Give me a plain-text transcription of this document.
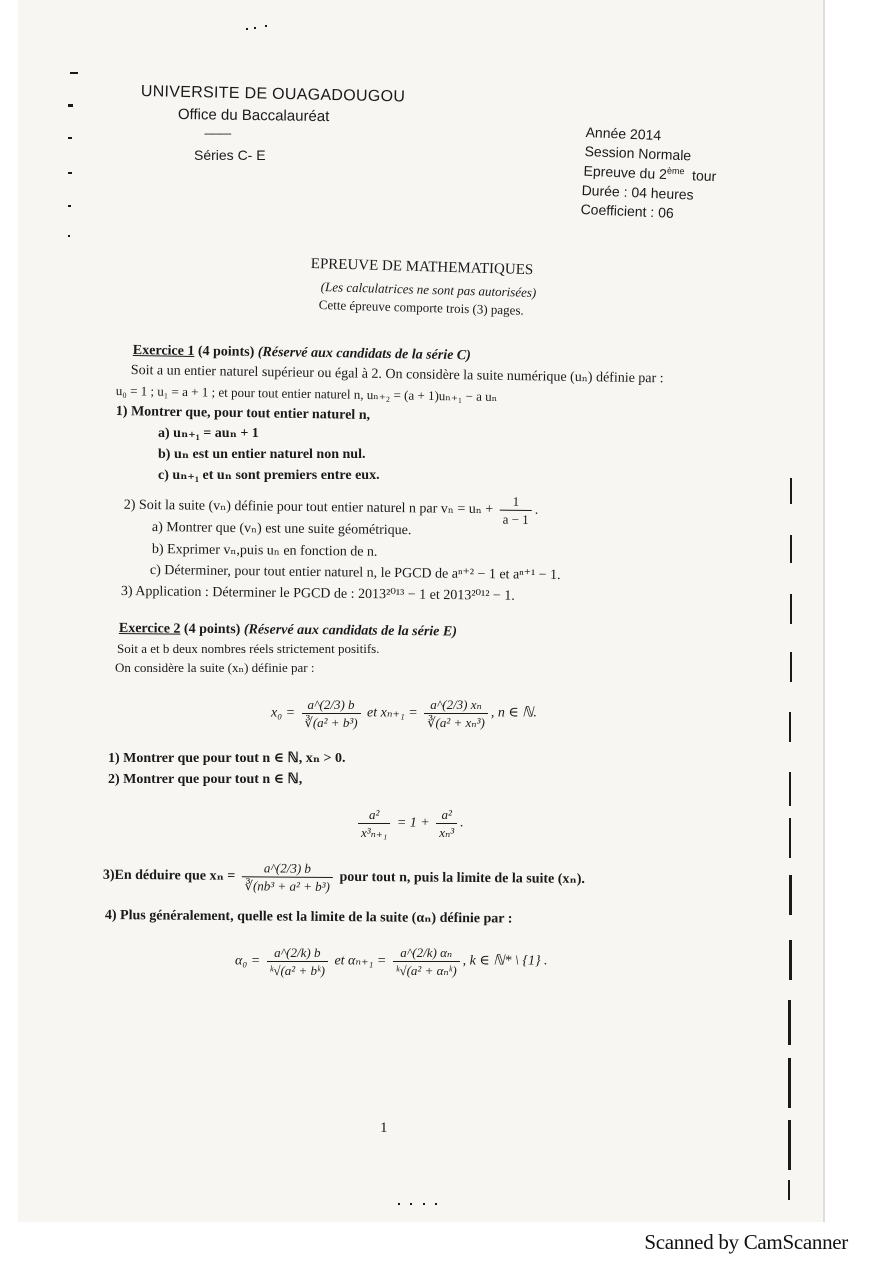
UNIVERSITE DE OUAGADOUGOU
Office du Baccalauréat
----------
Séries C- E
Année 2014
Session Normale
Epreuve du 2ème tour
Durée : 04 heures
Coefficient : 06
EPREUVE DE MATHEMATIQUES
(Les calculatrices ne sont pas autorisées)
Cette épreuve comporte trois (3) pages.
Exercice 1 (4 points) (Réservé aux candidats de la série C)
Soit a un entier naturel supérieur ou égal à 2. On considère la suite numérique (uₙ) définie par :
u₀ = 1 ; u₁ = a + 1 ; et pour tout entier naturel n, uₙ₊₂ = (a + 1)uₙ₊₁ − a uₙ
1) Montrer que, pour tout entier naturel n,
a) uₙ₊₁ = auₙ + 1
b) uₙ est un entier naturel non nul.
c) uₙ₊₁ et uₙ sont premiers entre eux.
2) Soit la suite (vₙ) définie pour tout entier naturel n par $v_n = u_n + \frac{1}{a - 1}$ .
a) Montrer que (vₙ) est une suite géométrique.
b) Exprimer vₙ,puis uₙ en fonction de n.
c) Déterminer, pour tout entier naturel n, le PGCD de aⁿ⁺² − 1 et aⁿ⁺¹ − 1.
3) Application : Déterminer le PGCD de : 2013²⁰¹³ − 1 et 2013²⁰¹² − 1.
Exercice 2 (4 points) (Réservé aux candidats de la série E)
Soit a et b deux nombres réels strictement positifs.
On considère la suite (xₙ) définie par :
$x_0 = \frac{a\^{}(2/3) b}{\text{∛(a² + b³)}}$ et $x_{n+1} = \frac{\text{a\textasciicircum{}(2/3) xₙ}}{\text{∛(a² + xₙ³)}}$ , n ∈ ℕ.
1) Montrer que pour tout n ∈ ℕ, xₙ > 0.
2) Montrer que pour tout n ∈ ℕ,
$\frac{\text{a²}}{\text{x³ₙ₊₁}} = 1 + \frac{\text{a²}}{\text{xₙ³}}$ .
3)En déduire que $x_n = \frac{a\^{}(2/3) b}{\text{∛(nb³ + a² + b³)}}$ pour tout n, puis la limite de la suite (xₙ).
4) Plus généralement, quelle est la limite de la suite (αₙ) définie par :
$\alpha_0 = \frac{a\^{}(2/k) b}{\text{ᵏ√(a² + bᵏ)}}$ et $\alpha_{n+1} = \frac{\text{a\textasciicircum{}(2/k) αₙ}}{\text{ᵏ√(a² + αₙᵏ)}}$ , k ∈ ℕ* \ {1} .
1
Scanned by CamScanner
